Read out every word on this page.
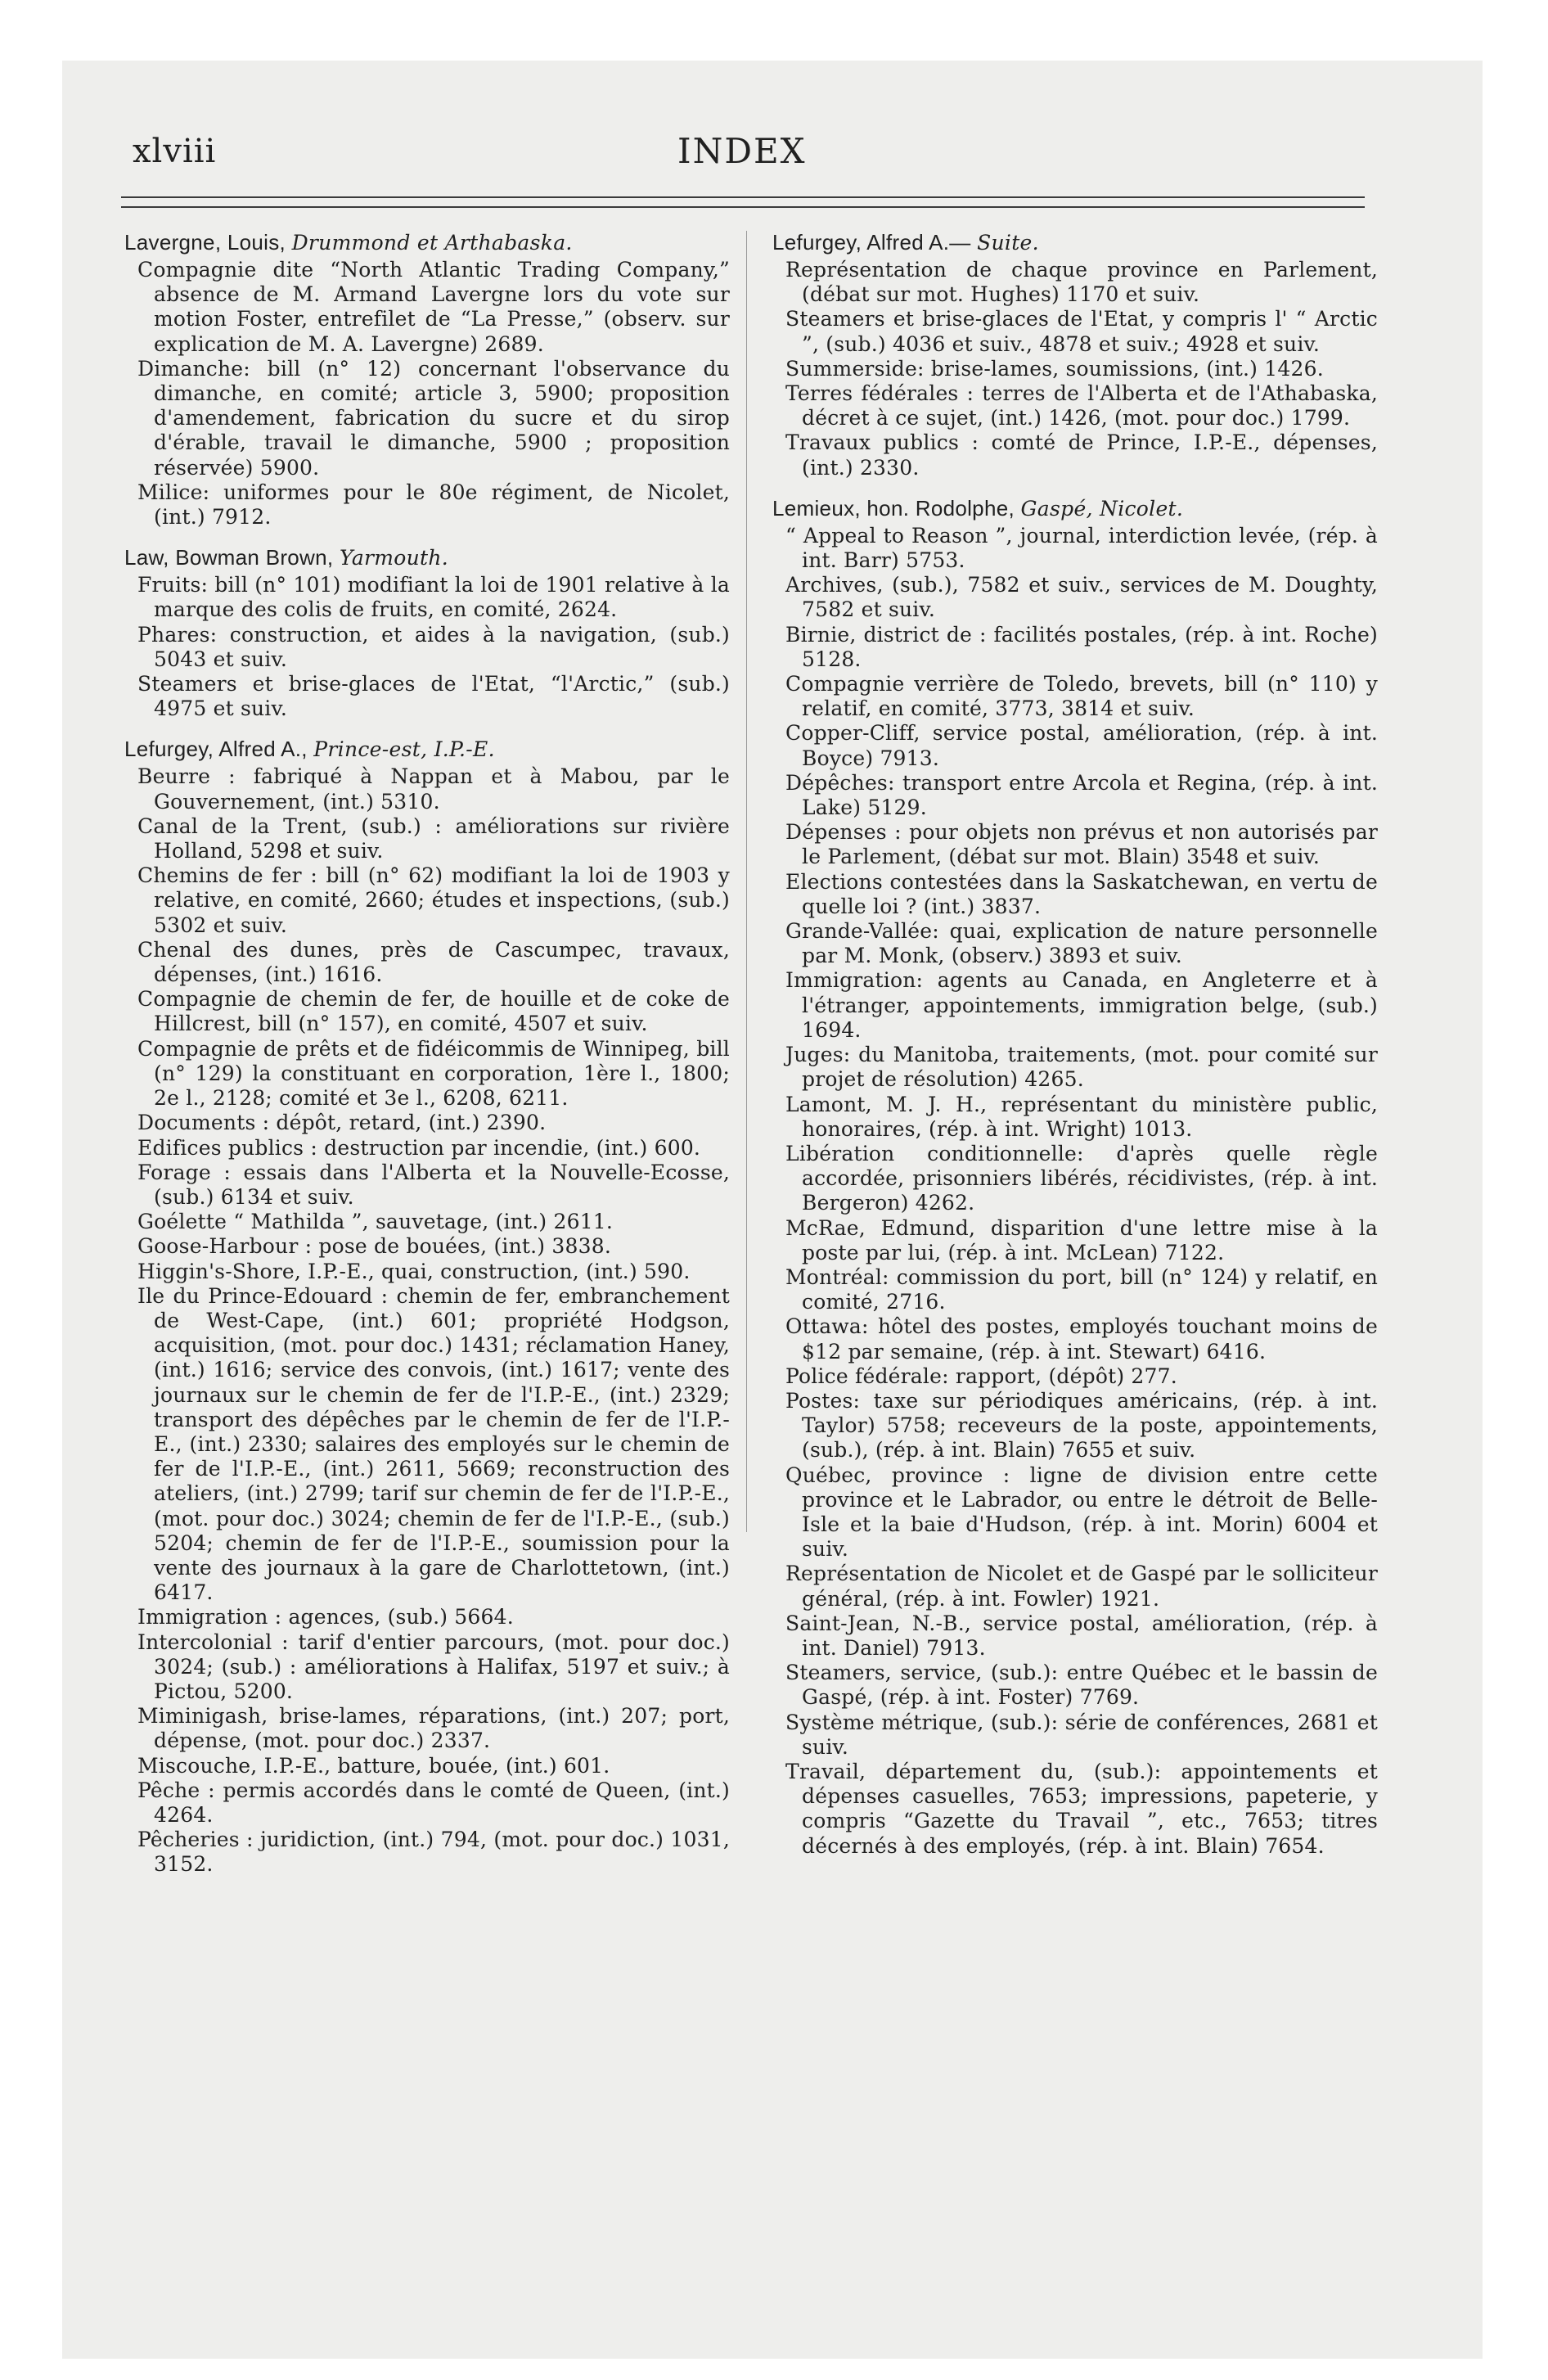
xlviii	INDEX
Lavergne, Louis, Drummond et Arthabaska.
Compagnie dite “North Atlantic Trading Company,” absence de M. Armand Lavergne lors du vote sur motion Foster, entrefilet de “La Presse,” (observ. sur explication de M. A. Lavergne) 2689.
Dimanche: bill (n° 12) concernant l'observance du dimanche, en comité; article 3, 5900; proposition d'amendement, fabrication du sucre et du sirop d'érable, travail le dimanche, 5900 ; proposition réservée) 5900.
Milice: uniformes pour le 80e régiment, de Nicolet, (int.) 7912.
Law, Bowman Brown, Yarmouth.
Fruits: bill (n° 101) modifiant la loi de 1901 relative à la marque des colis de fruits, en comité, 2624.
Phares: construction, et aides à la navigation, (sub.) 5043 et suiv.
Steamers et brise-glaces de l'Etat, “l'Arctic,” (sub.) 4975 et suiv.
Lefurgey, Alfred A., Prince-est, I.P.-E.
Beurre : fabriqué à Nappan et à Mabou, par le Gouvernement, (int.) 5310.
Canal de la Trent, (sub.) : améliorations sur rivière Holland, 5298 et suiv.
Chemins de fer : bill (n° 62) modifiant la loi de 1903 y relative, en comité, 2660; études et inspections, (sub.) 5302 et suiv.
Chenal des dunes, près de Cascumpec, travaux, dépenses, (int.) 1616.
Compagnie de chemin de fer, de houille et de coke de Hillcrest, bill (n° 157), en comité, 4507 et suiv.
Compagnie de prêts et de fidéicommis de Winnipeg, bill (n° 129) la constituant en corporation, 1ère l., 1800; 2e l., 2128; comité et 3e l., 6208, 6211.
Documents : dépôt, retard, (int.) 2390.
Edifices publics : destruction par incendie, (int.) 600.
Forage : essais dans l'Alberta et la Nouvelle-Ecosse, (sub.) 6134 et suiv.
Goélette “ Mathilda ”, sauvetage, (int.) 2611.
Goose-Harbour : pose de bouées, (int.) 3838.
Higgin's-Shore, I.P.-E., quai, construction, (int.) 590.
Ile du Prince-Edouard : chemin de fer, embranchement de West-Cape, (int.) 601; propriété Hodgson, acquisition, (mot. pour doc.) 1431; réclamation Haney, (int.) 1616; service des convois, (int.) 1617; vente des journaux sur le chemin de fer de l'I.P.-E., (int.) 2329; transport des dépêches par le chemin de fer de l'I.P.-E., (int.) 2330; salaires des employés sur le chemin de fer de l'I.P.-E., (int.) 2611, 5669; reconstruction des ateliers, (int.) 2799; tarif sur chemin de fer de l'I.P.-E., (mot. pour doc.) 3024; chemin de fer de l'I.P.-E., (sub.) 5204; chemin de fer de l'I.P.-E., soumission pour la vente des journaux à la gare de Charlottetown, (int.) 6417.
Immigration : agences, (sub.) 5664.
Intercolonial : tarif d'entier parcours, (mot. pour doc.) 3024; (sub.) : améliorations à Halifax, 5197 et suiv.; à Pictou, 5200.
Miminigash, brise-lames, réparations, (int.) 207; port, dépense, (mot. pour doc.) 2337.
Miscouche, I.P.-E., batture, bouée, (int.) 601.
Pêche : permis accordés dans le comté de Queen, (int.) 4264.
Pêcheries : juridiction, (int.) 794, (mot. pour doc.) 1031, 3152.
Lefurgey, Alfred A.— Suite.
Représentation de chaque province en Parlement, (débat sur mot. Hughes) 1170 et suiv.
Steamers et brise-glaces de l'Etat, y compris l' “ Arctic ”, (sub.) 4036 et suiv., 4878 et suiv.; 4928 et suiv.
Summerside: brise-lames, soumissions, (int.) 1426.
Terres fédérales : terres de l'Alberta et de l'Athabaska, décret à ce sujet, (int.) 1426, (mot. pour doc.) 1799.
Travaux publics : comté de Prince, I.P.-E., dépenses, (int.) 2330.
Lemieux, hon. Rodolphe, Gaspé, Nicolet.
“ Appeal to Reason ”, journal, interdiction levée, (rép. à int. Barr) 5753.
Archives, (sub.), 7582 et suiv., services de M. Doughty, 7582 et suiv.
Birnie, district de : facilités postales, (rép. à int. Roche) 5128.
Compagnie verrière de Toledo, brevets, bill (n° 110) y relatif, en comité, 3773, 3814 et suiv.
Copper-Cliff, service postal, amélioration, (rép. à int. Boyce) 7913.
Dépêches: transport entre Arcola et Regina, (rép. à int. Lake) 5129.
Dépenses : pour objets non prévus et non autorisés par le Parlement, (débat sur mot. Blain) 3548 et suiv.
Elections contestées dans la Saskatchewan, en vertu de quelle loi ? (int.) 3837.
Grande-Vallée: quai, explication de nature personnelle par M. Monk, (observ.) 3893 et suiv.
Immigration: agents au Canada, en Angleterre et à l'étranger, appointements, immigration belge, (sub.) 1694.
Juges: du Manitoba, traitements, (mot. pour comité sur projet de résolution) 4265.
Lamont, M. J. H., représentant du ministère public, honoraires, (rép. à int. Wright) 1013.
Libération conditionnelle: d'après quelle règle accordée, prisonniers libérés, récidivistes, (rép. à int. Bergeron) 4262.
McRae, Edmund, disparition d'une lettre mise à la poste par lui, (rép. à int. McLean) 7122.
Montréal: commission du port, bill (n° 124) y relatif, en comité, 2716.
Ottawa: hôtel des postes, employés touchant moins de $12 par semaine, (rép. à int. Stewart) 6416.
Police fédérale: rapport, (dépôt) 277.
Postes: taxe sur périodiques américains, (rép. à int. Taylor) 5758; receveurs de la poste, appointements, (sub.), (rép. à int. Blain) 7655 et suiv.
Québec, province : ligne de division entre cette province et le Labrador, ou entre le détroit de Belle-Isle et la baie d'Hudson, (rép. à int. Morin) 6004 et suiv.
Représentation de Nicolet et de Gaspé par le solliciteur général, (rép. à int. Fowler) 1921.
Saint-Jean, N.-B., service postal, amélioration, (rép. à int. Daniel) 7913.
Steamers, service, (sub.): entre Québec et le bassin de Gaspé, (rép. à int. Foster) 7769.
Système métrique, (sub.): série de conférences, 2681 et suiv.
Travail, département du, (sub.): appointements et dépenses casuelles, 7653; impressions, papeterie, y compris “Gazette du Travail ”, etc., 7653; titres décernés à des employés, (rép. à int. Blain) 7654.
